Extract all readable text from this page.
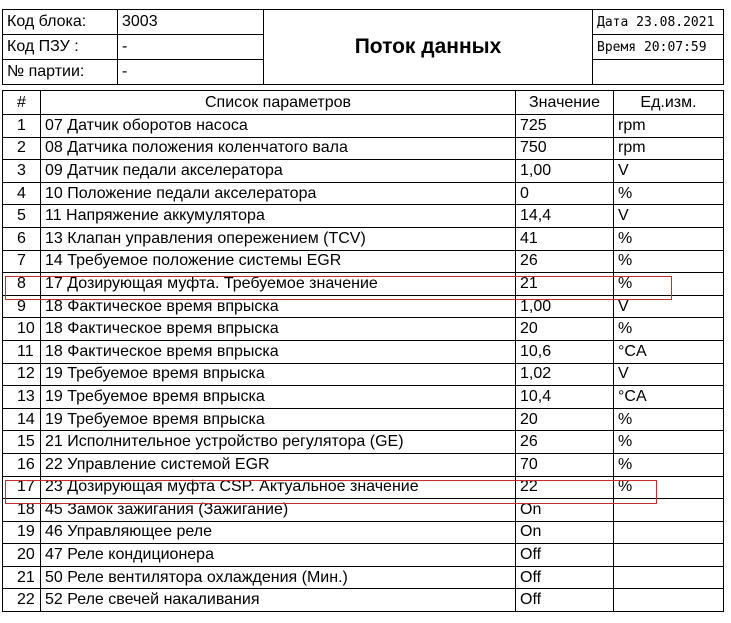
Код блока:	3003	Поток данных	Дата 23.08.2021
Код ПЗУ :	-		Время 20:07:59
№ партии:	-		
#	Список параметров	Значение	Ед.изм.
1	07 Датчик оборотов насоса	725	rpm
2	08 Датчика положения коленчатого вала	750	rpm
3	09 Датчик педали акселератора	1,00	V
4	10 Положение педали акселератора	0	%
5	11 Напряжение аккумулятора	14,4	V
6	13 Клапан управления опережением (TCV)	41	%
7	14 Требуемое положение системы EGR	26	%
8	17 Дозирующая муфта. Требуемое значение	21	%
9	18 Фактическое время впрыска	1,00	V
10	18 Фактическое время впрыска	20	%
11	18 Фактическое время впрыска	10,6	°CA
12	19 Требуемое время впрыска	1,02	V
13	19 Требуемое время впрыска	10,4	°CA
14	19 Требуемое время впрыска	20	%
15	21 Исполнительное устройство регулятора (GE)	26	%
16	22 Управление системой EGR	70	%
17	23 Дозирующая муфта CSP. Актуальное значение	22	%
18	45 Замок зажигания (Зажигание)	On	
19	46 Управляющее реле	On	
20	47 Реле кондиционера	Off	
21	50 Реле вентилятора охлаждения (Мин.)	Off	
22	52 Реле свечей накаливания	Off	
